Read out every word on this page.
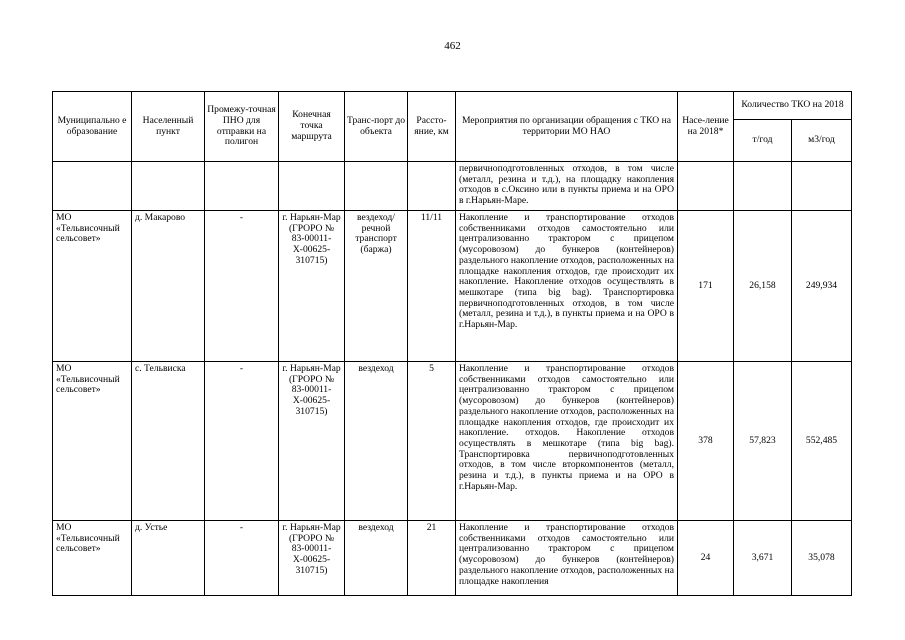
462
Муниципально е образование	Населенный пункт	Промежу-точная ПНО для отправки на полигон	Конечная точка маршрута	Транс-порт до объекта	Рассто-яние, км	Мероприятия по организации обращения с ТКО на территории МО НАО	Насе-ление на 2018*	Количество ТКО на 2018	
								т/год	м3/год

						первичноподготовленных отходов, в том числе (металл, резина и т.д.), на площадку накопления отходов в с.Оксино или в пункты приема и на ОРО в г.Нарьян-Маре.			

МО «Тельвисочный сельсовет»	д. Макарово	-	г. Нарьян-Мар (ГРОРО № 83-00011-Х-00625-310715)	вездеход/ речной транспорт (баржа)	11/11	Накопление и транспортирование отходов собственниками отходов самостоятельно или централизованно трактором с прицепом (мусоровозом) до бункеров (контейнеров) раздельного накопление отходов, расположенных на площадке накопления отходов, где происходит их накопление. Накопление отходов осуществлять в мешкотаре (типа big bag). Транспортировка первичноподготовленных отходов, в том числе (металл, резина и т.д.), в пункты приема и на ОРО в г.Нарьян-Мар.	171	26,158	249,934
МО «Тельвисочный сельсовет»	с. Тельвиска	-	г. Нарьян-Мар (ГРОРО № 83-00011-Х-00625-310715)	вездеход	5	Накопление и транспортирование отходов собственниками отходов самостоятельно или централизованно трактором с прицепом (мусоровозом) до бункеров (контейнеров) раздельного накопление отходов, расположенных на площадке накопления отходов, где происходит их накопление. отходов. Накопление отходов осуществлять в мешкотаре (типа big bag). Транспортировка первичноподготовленных отходов, в том числе вторкомпонентов (металл, резина и т.д.), в пункты приема и на ОРО в г.Нарьян-Мар.	378	57,823	552,485
МО «Тельвисочный сельсовет»	д. Устье	-	г. Нарьян-Мар (ГРОРО № 83-00011-Х-00625-310715)	вездеход	21	Накопление и транспортирование отходов собственниками отходов самостоятельно или централизованно трактором с прицепом (мусоровозом) до бункеров (контейнеров) раздельного накопление отходов, расположенных на площадке накопления	24	3,671	35,078
